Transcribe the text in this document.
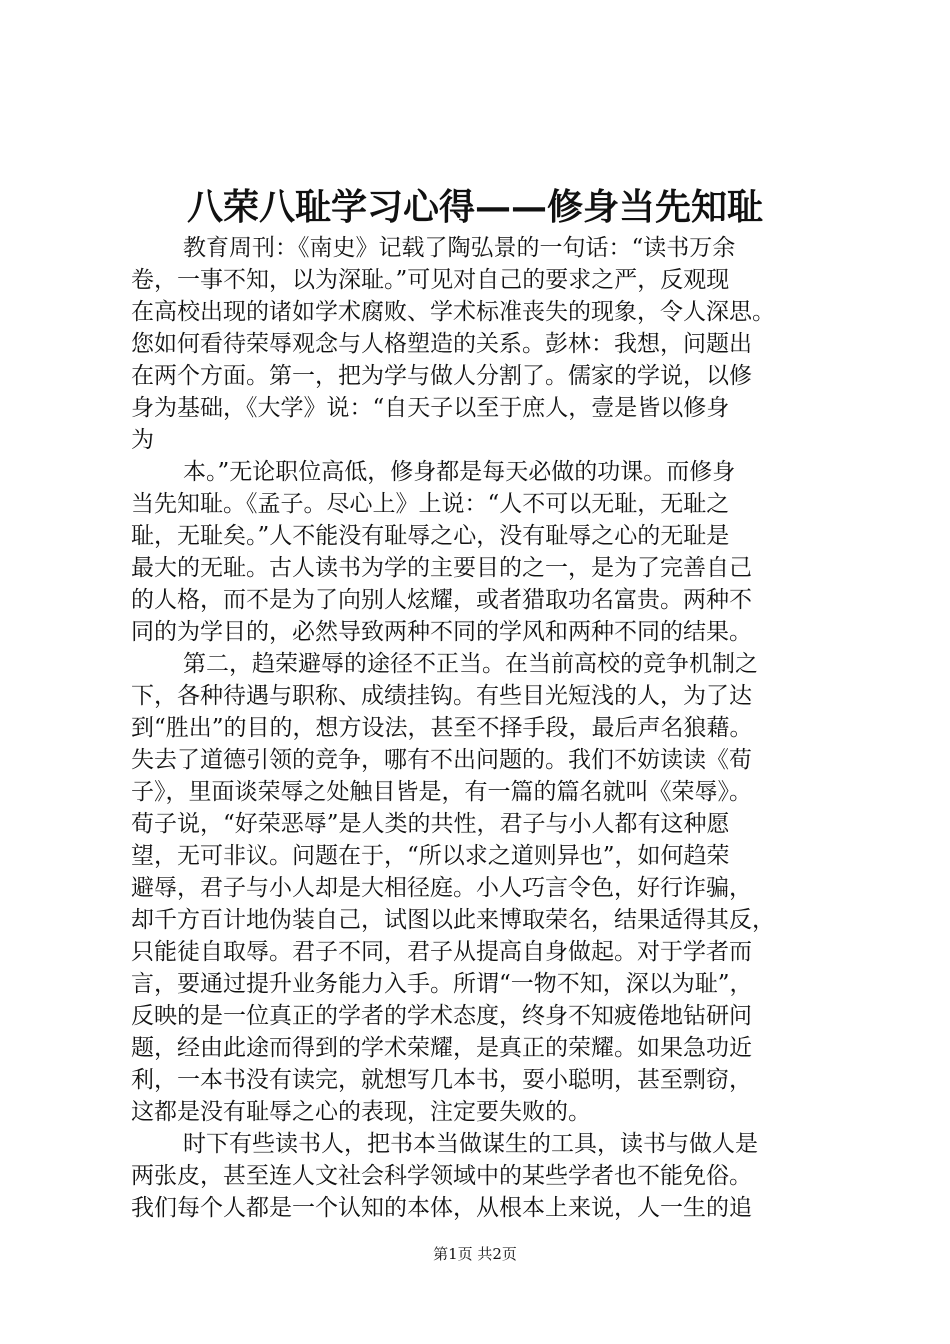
八荣八耻学习心得——修身当先知耻

教育周刊：《南史》记载了陶弘景的一句话：“读书万余
卷，一事不知，以为深耻。”可见对自己的要求之严，反观现
在高校出现的诸如学术腐败、学术标准丧失的现象，令人深思。
您如何看待荣辱观念与人格塑造的关系。彭林：我想，问题出
在两个方面。第一，把为学与做人分割了。儒家的学说，以修
身为基础，《大学》说：“自天子以至于庶人，壹是皆以修身
为

本。”无论职位高低，修身都是每天必做的功课。而修身
当先知耻。《孟子。尽心上》上说：“人不可以无耻，无耻之
耻，无耻矣。”人不能没有耻辱之心，没有耻辱之心的无耻是
最大的无耻。古人读书为学的主要目的之一，是为了完善自己
的人格，而不是为了向别人炫耀，或者猎取功名富贵。两种不
同的为学目的，必然导致两种不同的学风和两种不同的结果。

第二，趋荣避辱的途径不正当。在当前高校的竞争机制之
下，各种待遇与职称、成绩挂钩。有些目光短浅的人，为了达
到“胜出”的目的，想方设法，甚至不择手段，最后声名狼藉。
失去了道德引领的竞争，哪有不出问题的。我们不妨读读《荀
子》，里面谈荣辱之处触目皆是，有一篇的篇名就叫《荣辱》。
荀子说，“好荣恶辱”是人类的共性，君子与小人都有这种愿
望，无可非议。问题在于，“所以求之道则异也”，如何趋荣
避辱，君子与小人却是大相径庭。小人巧言令色，好行诈骗，
却千方百计地伪装自己，试图以此来博取荣名，结果适得其反，
只能徒自取辱。君子不同，君子从提高自身做起。对于学者而
言，要通过提升业务能力入手。所谓“一物不知，深以为耻”，
反映的是一位真正的学者的学术态度，终身不知疲倦地钻研问
题，经由此途而得到的学术荣耀，是真正的荣耀。如果急功近
利，一本书没有读完，就想写几本书，耍小聪明，甚至剽窃，
这都是没有耻辱之心的表现，注定要失败的。

时下有些读书人，把书本当做谋生的工具，读书与做人是
两张皮，甚至连人文社会科学领域中的某些学者也不能免俗。
我们每个人都是一个认知的本体，从根本上来说，人一生的追

第1页 共2页
